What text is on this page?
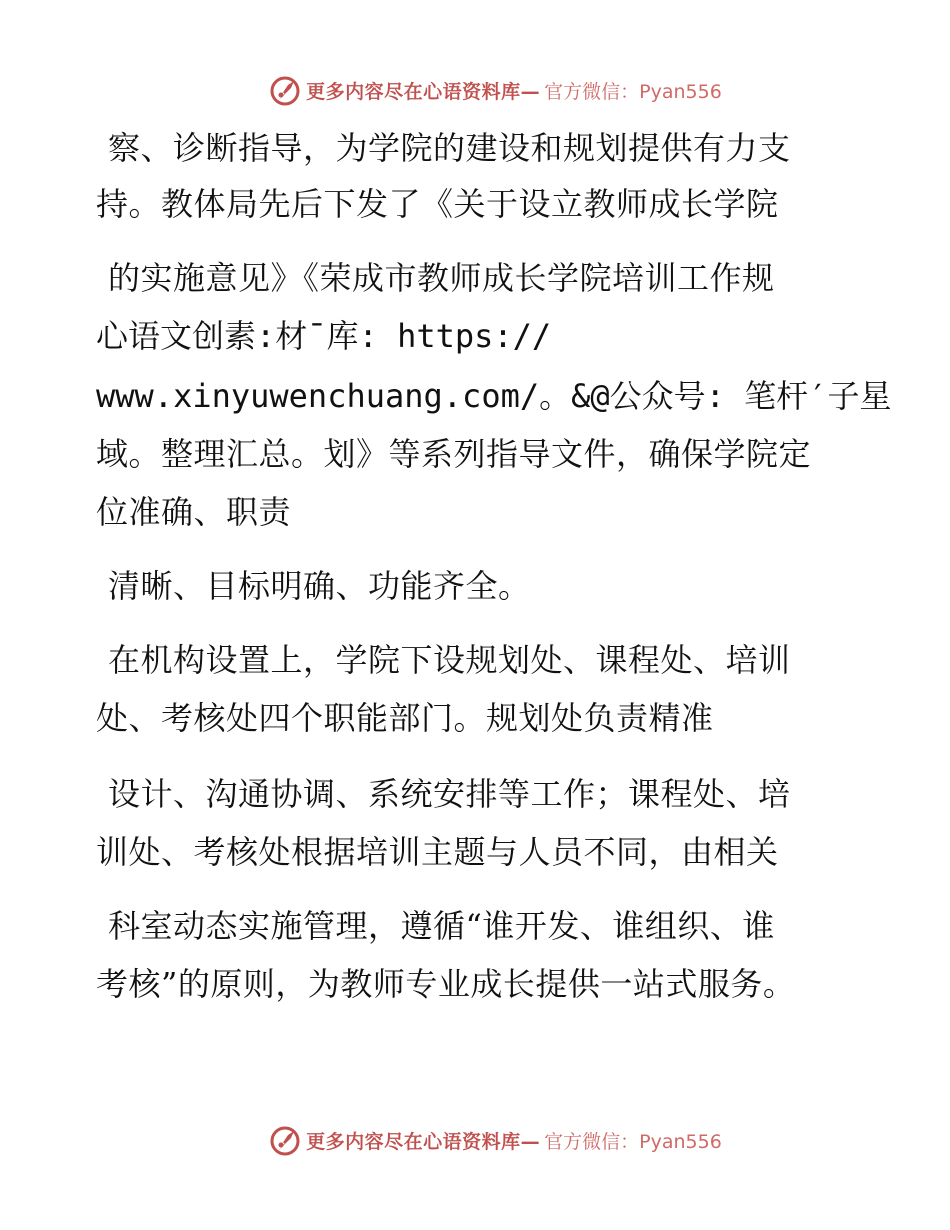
更多内容尽在心语资料库— 官方微信：Pyan556
察、诊断指导，为学院的建设和规划提供有力支
持。教体局先后下发了《关于设立教师成长学院
的实施意见》《荣成市教师成长学院培训工作规
心语文创素:材¯库: https://
www.xinyuwenchuang.com/。&@公众号: 笔杆′子星
域。整理汇总。划》等系列指导文件，确保学院定
位准确、职责
清晰、目标明确、功能齐全。
在机构设置上，学院下设规划处、课程处、培训
处、考核处四个职能部门。规划处负责精准
设计、沟通协调、系统安排等工作；课程处、培
训处、考核处根据培训主题与人员不同，由相关
科室动态实施管理，遵循“谁开发、谁组织、谁
考核”的原则，为教师专业成长提供一站式服务。
更多内容尽在心语资料库— 官方微信：Pyan556
